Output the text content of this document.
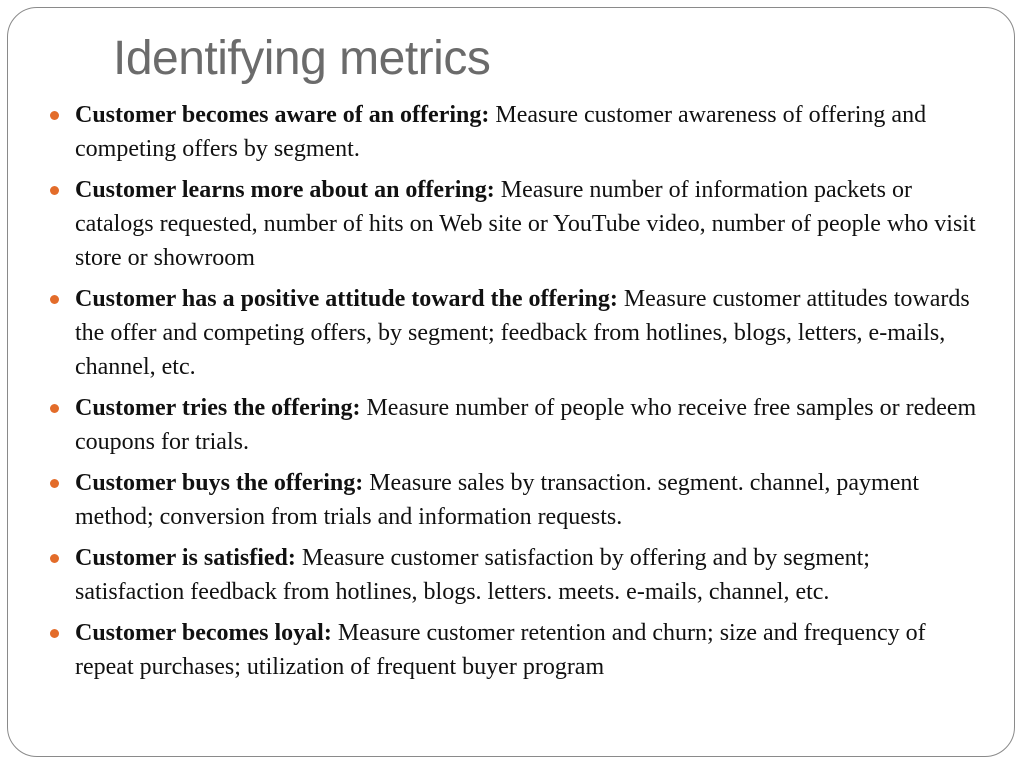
Identifying metrics
Customer becomes aware of an offering: Measure customer awareness of offering and competing offers by segment.
Customer learns more about an offering: Measure number of information packets or catalogs requested, number of hits on Web site or YouTube video, number of people who visit store or showroom
Customer has a positive attitude toward the offering: Measure customer attitudes towards the offer and competing offers, by segment; feedback from hotlines, blogs, letters, e-mails, channel, etc.
Customer tries the offering: Measure number of people who receive free samples or redeem coupons for trials.
Customer buys the offering: Measure sales by transaction. segment. channel, payment method; conversion from trials and information requests.
Customer is satisfied: Measure customer satisfaction by offering and by segment; satisfaction feedback from hotlines, blogs. letters. meets. e-mails, channel, etc.
Customer becomes loyal: Measure customer retention and churn; size and frequency of repeat purchases; utilization of frequent buyer program
